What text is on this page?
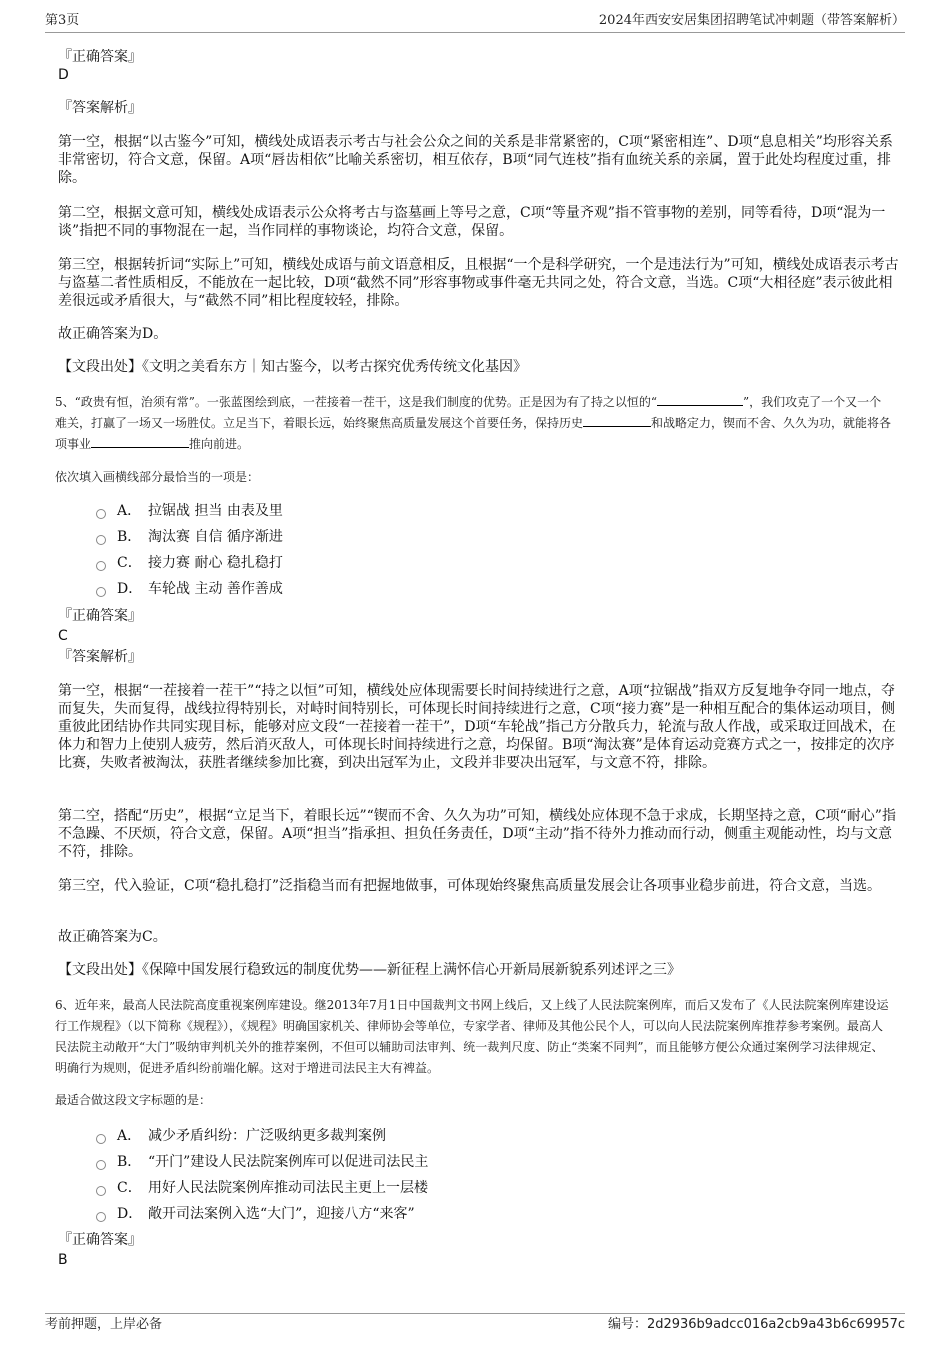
第3页	2024年西安安居集团招聘笔试冲刺题（带答案解析）
『正确答案』
D
『答案解析』

第一空，根据“以古鉴今”可知，横线处成语表示考古与社会公众之间的关系是非常紧密的，C项“紧密相连”、D项“息息相关”均形容关系非常密切，符合文意，保留。A项“唇齿相依”比喻关系密切，相互依存，B项“同气连枝”指有血统关系的亲属，置于此处均程度过重，排除。

第二空，根据文意可知，横线处成语表示公众将考古与盗墓画上等号之意，C项“等量齐观”指不管事物的差别，同等看待，D项“混为一谈”指把不同的事物混在一起，当作同样的事物谈论，均符合文意，保留。

第三空，根据转折词“实际上”可知，横线处成语与前文语意相反，且根据“一个是科学研究，一个是违法行为”可知，横线处成语表示考古与盗墓二者性质相反，不能放在一起比较，D项“截然不同”形容事物或事件毫无共同之处，符合文意，当选。C项“大相径庭”表示彼此相差很远或矛盾很大，与“截然不同”相比程度较轻，排除。

故正确答案为D。

【文段出处】《文明之美看东方｜知古鉴今，以考古探究优秀传统文化基因》

5、“政贵有恒，治须有常”。一张蓝图绘到底，一茬接着一茬干，这是我们制度的优势。正是因为有了持之以恒的“	”，我们攻克了一个又一个难关，打赢了一场又一场胜仗。立足当下，着眼长远，始终聚焦高质量发展这个首要任务，保持历史	和战略定力，锲而不舍、久久为功，就能将各项事业	推向前进。

依次填入画横线部分最恰当的一项是：
A． 拉锯战 担当 由表及里
B． 淘汰赛 自信 循序渐进
C． 接力赛 耐心 稳扎稳打
D． 车轮战 主动 善作善成
『正确答案』
C
『答案解析』

第一空，根据“一茬接着一茬干”“持之以恒”可知，横线处应体现需要长时间持续进行之意，A项“拉锯战”指双方反复地争夺同一地点，夺而复失，失而复得，战线拉得特别长，对峙时间特别长，可体现长时间持续进行之意，C项“接力赛”是一种相互配合的集体运动项目，侧重彼此团结协作共同实现目标，能够对应文段“一茬接着一茬干”，D项“车轮战”指己方分散兵力，轮流与敌人作战，或采取迂回战术，在体力和智力上使别人疲劳，然后消灭敌人，可体现长时间持续进行之意，均保留。B项“淘汰赛”是体育运动竞赛方式之一，按排定的次序比赛，失败者被淘汰，获胜者继续参加比赛，到决出冠军为止，文段并非要决出冠军，与文意不符，排除。

第二空，搭配“历史”，根据“立足当下，着眼长远”“锲而不舍、久久为功”可知，横线处应体现不急于求成，长期坚持之意，C项“耐心”指不急躁、不厌烦，符合文意，保留。A项“担当”指承担、担负任务责任，D项“主动”指不待外力推动而行动，侧重主观能动性，均与文意不符，排除。

第三空，代入验证，C项“稳扎稳打”泛指稳当而有把握地做事，可体现始终聚焦高质量发展会让各项事业稳步前进，符合文意，当选。

故正确答案为C。

【文段出处】《保障中国发展行稳致远的制度优势——新征程上满怀信心开新局展新貌系列述评之三》

6、近年来，最高人民法院高度重视案例库建设。继2013年7月1日中国裁判文书网上线后，又上线了人民法院案例库，而后又发布了《人民法院案例库建设运行工作规程》（以下简称《规程》），《规程》明确国家机关、律师协会等单位，专家学者、律师及其他公民个人，可以向人民法院案例库推荐参考案例。最高人民法院主动敞开“大门”吸纳审判机关外的推荐案例，不但可以辅助司法审判、统一裁判尺度、防止“类案不同判”，而且能够方便公众通过案例学习法律规定、明确行为规则，促进矛盾纠纷前端化解。这对于增进司法民主大有裨益。

最适合做这段文字标题的是：
A． 减少矛盾纠纷：广泛吸纳更多裁判案例
B． “开门”建设人民法院案例库可以促进司法民主
C． 用好人民法院案例库推动司法民主更上一层楼
D． 敞开司法案例入选“大门”，迎接八方“来客”
『正确答案』
B
考前押题，上岸必备	编号：2d2936b9adcc016a2cb9a43b6c69957c
